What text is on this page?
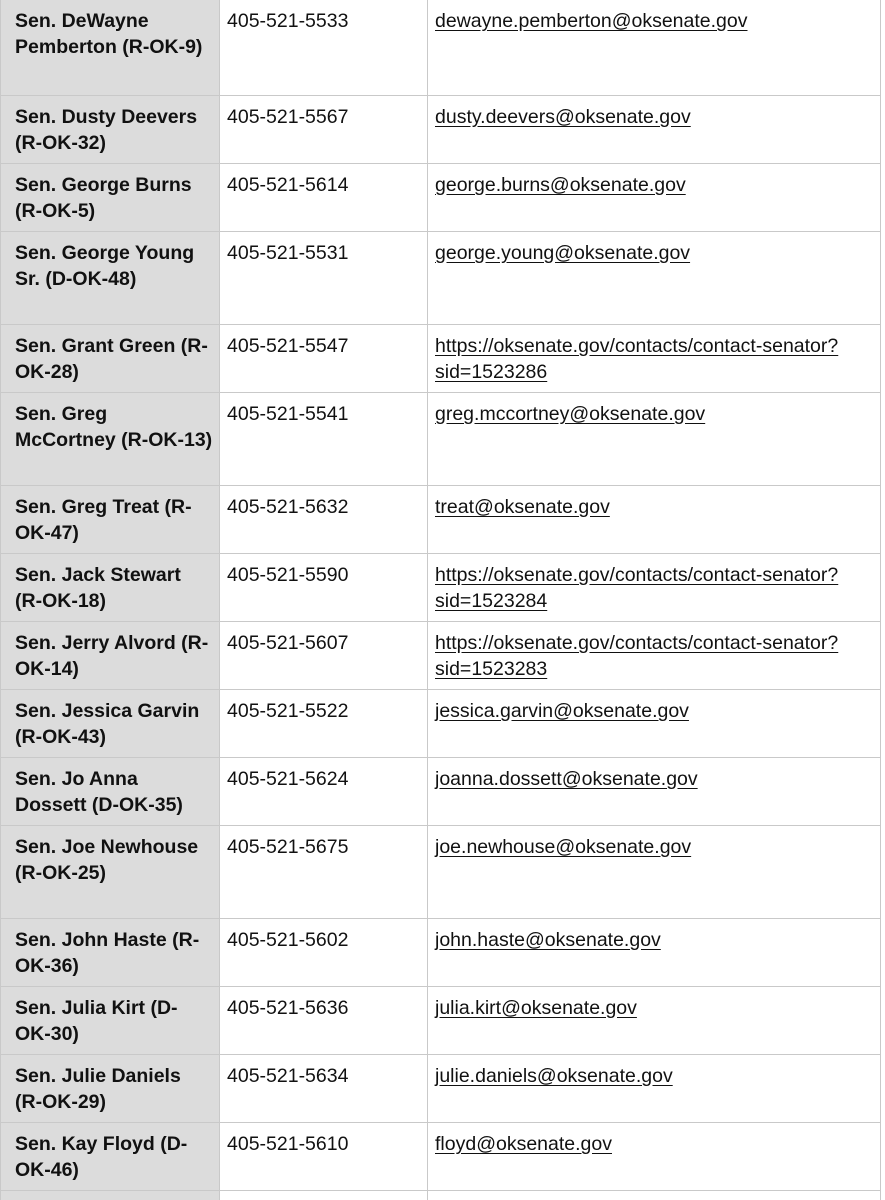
Sen. DeWayne Pemberton (R-OK-9)	405-521-5533	dewayne.pemberton@oksenate.gov	
Sen. Dusty Deevers (R-OK-32)	405-521-5567	dusty.deevers@oksenate.gov	
Sen. George Burns (R-OK-5)	405-521-5614	george.burns@oksenate.gov	
Sen. George Young Sr. (D-OK-48)	405-521-5531	george.young@oksenate.gov	
Sen. Grant Green (R-OK-28)	405-521-5547	https://oksenate.gov/contacts/contact-senator?sid=1523286	
Sen. Greg McCortney (R-OK-13)	405-521-5541	greg.mccortney@oksenate.gov	
Sen. Greg Treat (R-OK-47)	405-521-5632	treat@oksenate.gov	
Sen. Jack Stewart (R-OK-18)	405-521-5590	https://oksenate.gov/contacts/contact-senator?sid=1523284	
Sen. Jerry Alvord (R-OK-14)	405-521-5607	https://oksenate.gov/contacts/contact-senator?sid=1523283	
Sen. Jessica Garvin (R-OK-43)	405-521-5522	jessica.garvin@oksenate.gov	
Sen. Jo Anna Dossett (D-OK-35)	405-521-5624	joanna.dossett@oksenate.gov	
Sen. Joe Newhouse (R-OK-25)	405-521-5675	joe.newhouse@oksenate.gov	
Sen. John Haste (R-OK-36)	405-521-5602	john.haste@oksenate.gov	
Sen. Julia Kirt (D-OK-30)	405-521-5636	julia.kirt@oksenate.gov	
Sen. Julie Daniels (R-OK-29)	405-521-5634	julie.daniels@oksenate.gov	
Sen. Kay Floyd (D-OK-46)	405-521-5610	floyd@oksenate.gov	
